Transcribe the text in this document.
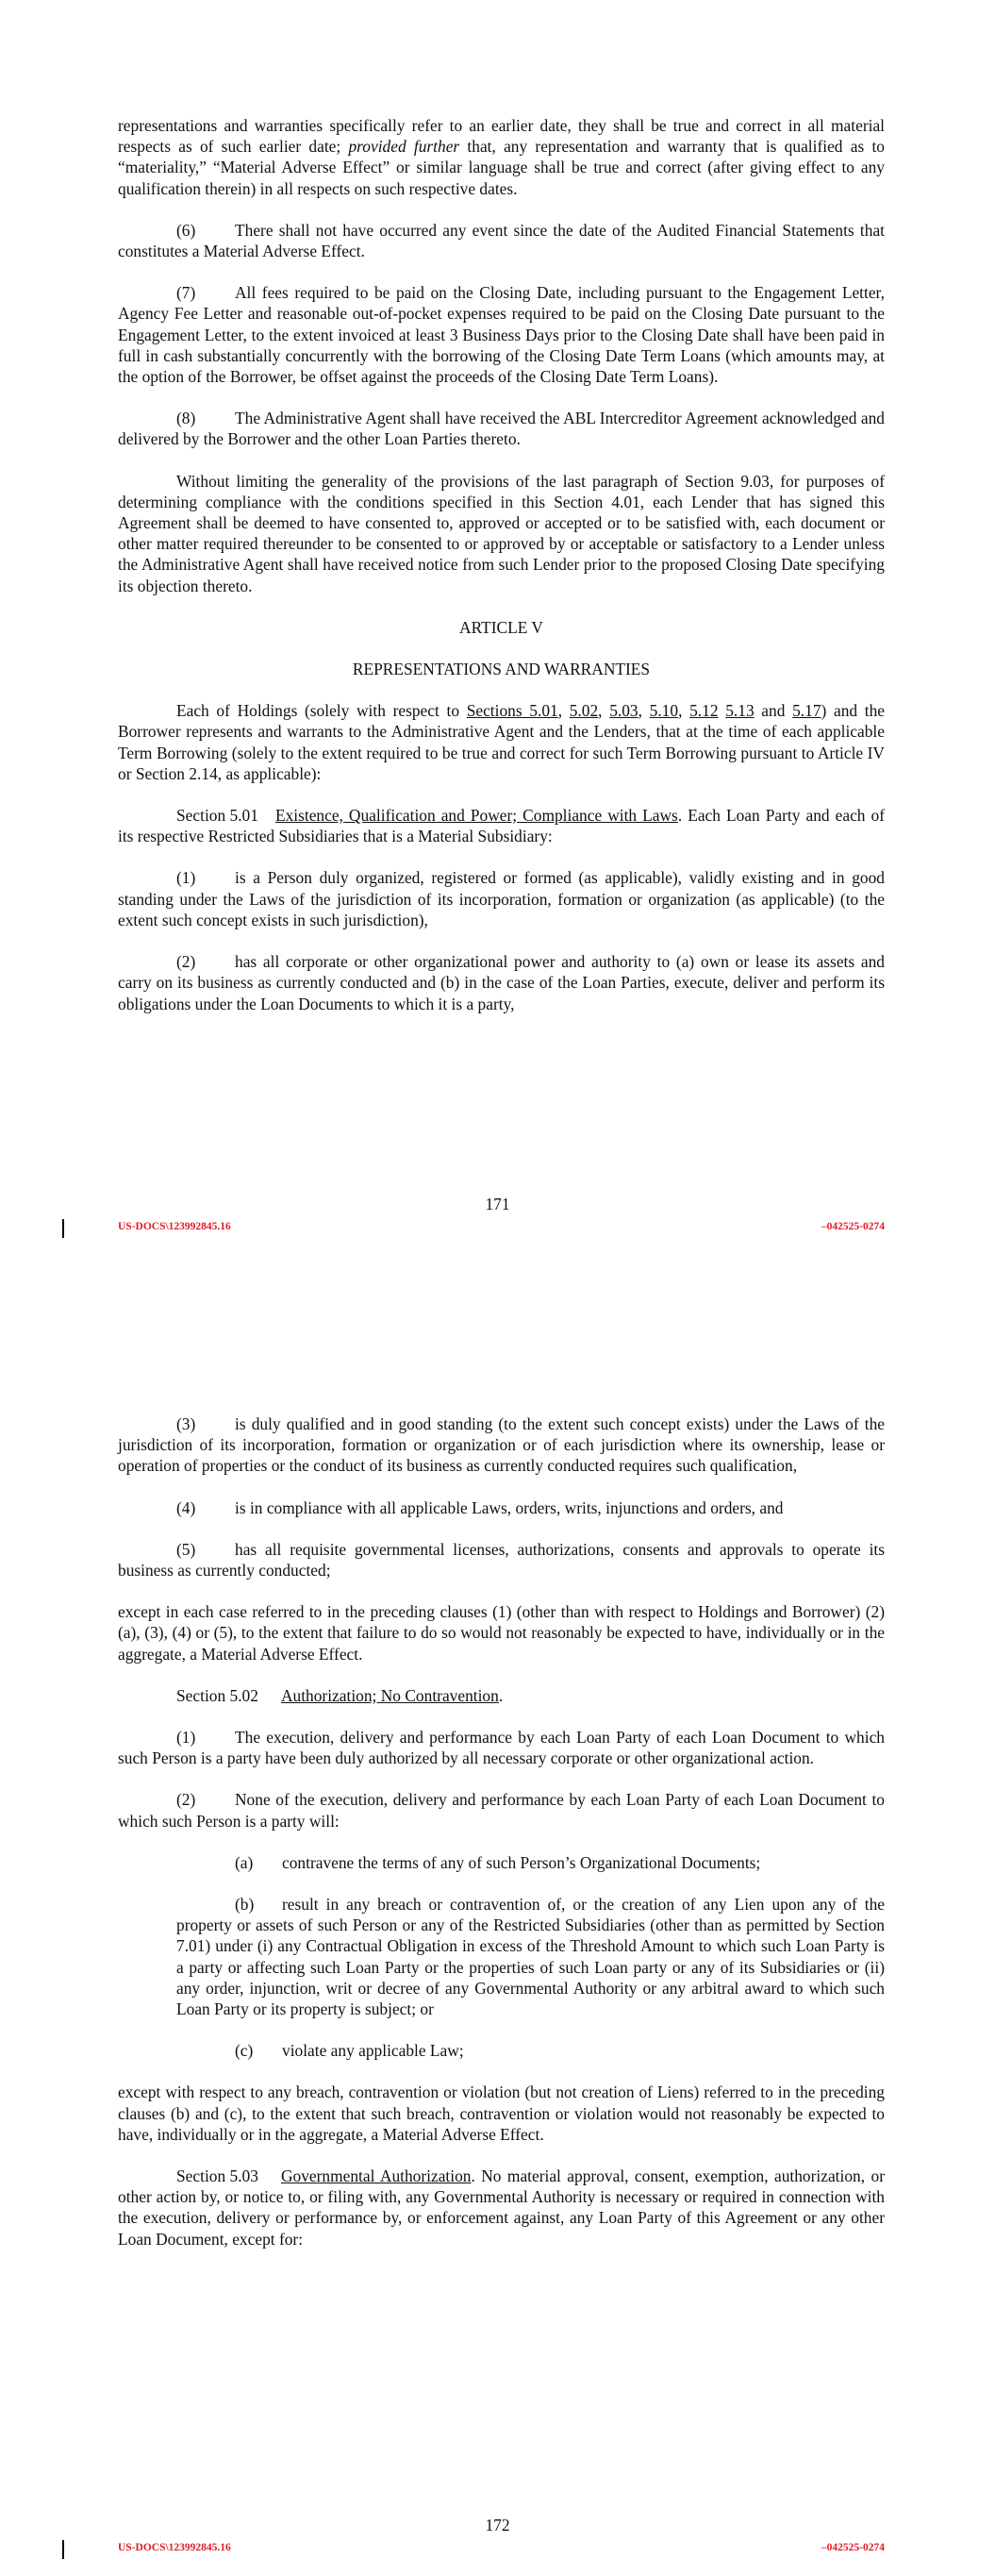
representations and warranties specifically refer to an earlier date, they shall be true and correct in all material respects as of such earlier date; provided further that, any representation and warranty that is qualified as to “materiality,” “Material Adverse Effect” or similar language shall be true and correct (after giving effect to any qualification therein) in all respects on such respective dates.

(6) There shall not have occurred any event since the date of the Audited Financial Statements that constitutes a Material Adverse Effect.

(7) All fees required to be paid on the Closing Date, including pursuant to the Engagement Letter, Agency Fee Letter and reasonable out-of-pocket expenses required to be paid on the Closing Date pursuant to the Engagement Letter, to the extent invoiced at least 3 Business Days prior to the Closing Date shall have been paid in full in cash substantially concurrently with the borrowing of the Closing Date Term Loans (which amounts may, at the option of the Borrower, be offset against the proceeds of the Closing Date Term Loans).

(8) The Administrative Agent shall have received the ABL Intercreditor Agreement acknowledged and delivered by the Borrower and the other Loan Parties thereto.

Without limiting the generality of the provisions of the last paragraph of Section 9.03, for purposes of determining compliance with the conditions specified in this Section 4.01, each Lender that has signed this Agreement shall be deemed to have consented to, approved or accepted or to be satisfied with, each document or other matter required thereunder to be consented to or approved by or acceptable or satisfactory to a Lender unless the Administrative Agent shall have received notice from such Lender prior to the proposed Closing Date specifying its objection thereto.

ARTICLE V

REPRESENTATIONS AND WARRANTIES

Each of Holdings (solely with respect to Sections 5.01, 5.02, 5.03, 5.10, 5.12 5.13 and 5.17) and the Borrower represents and warrants to the Administrative Agent and the Lenders, that at the time of each applicable Term Borrowing (solely to the extent required to be true and correct for such Term Borrowing pursuant to Article IV or Section 2.14, as applicable):

Section 5.01 Existence, Qualification and Power; Compliance with Laws. Each Loan Party and each of its respective Restricted Subsidiaries that is a Material Subsidiary:

(1) is a Person duly organized, registered or formed (as applicable), validly existing and in good standing under the Laws of the jurisdiction of its incorporation, formation or organization (as applicable) (to the extent such concept exists in such jurisdiction),

(2) has all corporate or other organizational power and authority to (a) own or lease its assets and carry on its business as currently conducted and (b) in the case of the Loan Parties, execute, deliver and perform its obligations under the Loan Documents to which it is a party,

171
US-DOCS\123992845.16	–042525-0274

(3) is duly qualified and in good standing (to the extent such concept exists) under the Laws of the jurisdiction of its incorporation, formation or organization or of each jurisdiction where its ownership, lease or operation of properties or the conduct of its business as currently conducted requires such qualification,

(4) is in compliance with all applicable Laws, orders, writs, injunctions and orders, and

(5) has all requisite governmental licenses, authorizations, consents and approvals to operate its business as currently conducted;

except in each case referred to in the preceding clauses (1) (other than with respect to Holdings and Borrower) (2)(a), (3), (4) or (5), to the extent that failure to do so would not reasonably be expected to have, individually or in the aggregate, a Material Adverse Effect.

Section 5.02 Authorization; No Contravention.

(1) The execution, delivery and performance by each Loan Party of each Loan Document to which such Person is a party have been duly authorized by all necessary corporate or other organizational action.

(2) None of the execution, delivery and performance by each Loan Party of each Loan Document to which such Person is a party will:

(a) contravene the terms of any of such Person’s Organizational Documents;

(b) result in any breach or contravention of, or the creation of any Lien upon any of the property or assets of such Person or any of the Restricted Subsidiaries (other than as permitted by Section 7.01) under (i) any Contractual Obligation in excess of the Threshold Amount to which such Loan Party is a party or affecting such Loan Party or the properties of such Loan party or any of its Subsidiaries or (ii) any order, injunction, writ or decree of any Governmental Authority or any arbitral award to which such Loan Party or its property is subject; or

(c) violate any applicable Law;

except with respect to any breach, contravention or violation (but not creation of Liens) referred to in the preceding clauses (b) and (c), to the extent that such breach, contravention or violation would not reasonably be expected to have, individually or in the aggregate, a Material Adverse Effect.

Section 5.03 Governmental Authorization. No material approval, consent, exemption, authorization, or other action by, or notice to, or filing with, any Governmental Authority is necessary or required in connection with the execution, delivery or performance by, or enforcement against, any Loan Party of this Agreement or any other Loan Document, except for:

172
US-DOCS\123992845.16	–042525-0274
